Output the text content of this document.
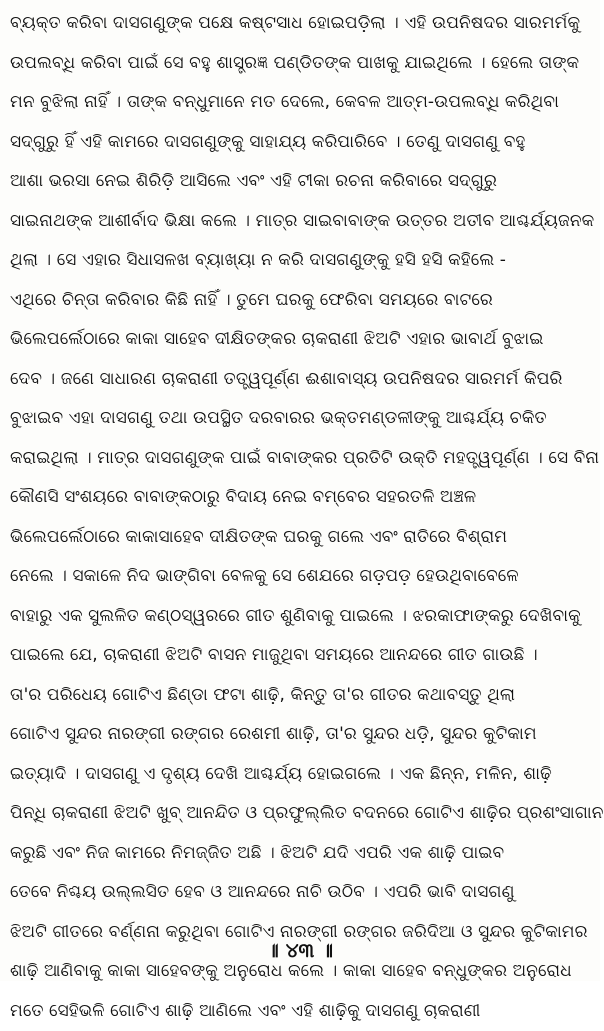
ବ୍ୟକ୍ତ କରିବା ଦାସଗଣୁଙ୍କ ପକ୍ଷେ କଷ୍ଟସାଧ ହୋଇପଡ଼ିଲା । ଏହି ଉପନିଷଦର ସାରମର୍ମକୁ
ଉପଲବ୍ଧି କରିବା ପାଇଁ ସେ ବହୁ ଶାସ୍ତ୍ରଜ୍ଞ ପଣ୍ଡିତଙ୍କ ପାଖକୁ ଯାଇଥିଲେ । ହେଲେ ତାଙ୍କ
ମନ ବୁଝିଲା ନାହିଁ । ତାଙ୍କ ବନ୍ଧୁମାନେ ମତ ଦେଲେ, କେବଳ ଆତ୍ମ-ଉପଲବ୍ଧି କରିଥିବା
ସଦ୍‌ଗୁରୁ ହିଁ ଏହି କାମରେ ଦାସଗଣୁଙ୍କୁ ସାହାଯ୍ୟ କରିପାରିବେ । ତେଣୁ ଦାସଗଣୁ ବହୁ
ଆଶା ଭରସା ନେଇ ଶିରିଡ଼ି ଆସିଲେ ଏବଂ ଏହି ଟୀକା ରଚନା କରିବାରେ ସଦ୍‌ଗୁରୁ
ସାଇନାଥଙ୍କ ଆଶୀର୍ବାଦ ଭିକ୍ଷା କଲେ । ମାତ୍ର ସାଇବାବାଙ୍କ ଉତ୍ତର ଅତୀବ ଆଶ୍ଚର୍ଯ୍ୟଜନକ
ଥିଲା । ସେ ଏହାର ସିଧାସଳଖ ବ୍ୟାଖ୍ୟା ନ କରି ଦାସଗଣୁଙ୍କୁ ହସି ହସି କହିଲେ -
ଏଥିରେ ଚିନ୍ତା କରିବାର କିଛି ନାହିଁ । ତୁମେ ଘରକୁ ଫେରିବା ସମୟରେ ବାଟରେ
ଭିଲେପର୍ଲେଠାରେ କାକା ସାହେବ ଦୀକ୍ଷିତଙ୍କର ଚାକରାଣୀ ଝିଅଟି ଏହାର ଭାବାର୍ଥ ବୁଝାଇ
ଦେବ । ଜଣେ ସାଧାରଣ ଚାକରାଣୀ ତତ୍ତ୍ୱପୂର୍ଣ୍ଣ ଈଶାବାସ୍ୟ ଉପନିଷଦର ସାରମର୍ମ କିପରି
ବୁଝାଇବ ଏହା ଦାସଗଣୁ ତଥା ଉପସ୍ଥିତ ଦରବାରର ଭକ୍ତମଣ୍ଡଳୀଙ୍କୁ ଆଶ୍ଚର୍ଯ୍ୟ ଚକିତ
କରାଇଥିଲା । ମାତ୍ର ଦାସଗଣୁଙ୍କ ପାଇଁ ବାବାଙ୍କର ପ୍ରତିଟି ଉକ୍ତି ମହତ୍ତ୍ୱପୂର୍ଣ୍ଣ । ସେ ବିନା
କୌଣସି ସଂଶୟରେ ବାବାଙ୍କଠାରୁ ବିଦାୟ ନେଇ ବମ୍ବେର ସହରତଳି ଅଞ୍ଚଳ
ଭିଲେପର୍ଲେଠାରେ କାକାସାହେବ ଦୀକ୍ଷିତଙ୍କ ଘରକୁ ଗଲେ ଏବଂ ରାତିରେ ବିଶ୍ରାମ
ନେଲେ । ସକାଳେ ନିଦ ଭାଙ୍ଗିବା ବେଳକୁ ସେ ଶେଯରେ ଗଡ଼ପଡ଼ ହେଉଥିବାବେଳେ
ବାହାରୁ ଏକ ସୁଲଳିତ କଣ୍ଠସ୍ୱରରେ ଗୀତ ଶୁଣିବାକୁ ପାଇଲେ । ଝରକାଫାଙ୍କରୁ ଦେଖିବାକୁ
ପାଇଲେ ଯେ, ଚାକରାଣୀ ଝିଅଟି ବାସନ ମାଜୁଥିବା ସମୟରେ ଆନନ୍ଦରେ ଗୀତ ଗାଉଛି ।
ତା'ର ପରିଧେୟ ଗୋଟିଏ ଛିଣ୍ଡା ଫଟା ଶାଢ଼ି, କିନ୍ତୁ ତା'ର ଗୀତର କଥାବସ୍ତୁ ଥିଲା
ଗୋଟିଏ ସୁନ୍ଦର ନାରଙ୍ଗୀ ରଙ୍ଗର ରେଶମୀ ଶାଢ଼ି, ତା'ର ସୁନ୍ଦର ଧଡ଼ି, ସୁନ୍ଦର କୁଟିକାମ
ଇତ୍ୟାଦି । ଦାସଗଣୁ ଏ ଦୃଶ୍ୟ ଦେଖି ଆଶ୍ଚର୍ଯ୍ୟ ହୋଇଗଲେ । ଏକ ଛିନ୍ନ, ମଳିନ, ଶାଢ଼ି
ପିନ୍ଧି ଚାକରାଣୀ ଝିଅଟି ଖୁବ୍ ଆନନ୍ଦିତ ଓ ପ୍ରଫୁଲ୍ଲିତ ବଦନରେ ଗୋଟିଏ ଶାଢ଼ିର ପ୍ରଶଂସାଗାନ
କରୁଛି ଏବଂ ନିଜ କାମରେ ନିମଜ୍ଜିତ ଅଛି । ଝିଅଟି ଯଦି ଏପରି ଏକ ଶାଢ଼ି ପାଇବ
ତେବେ ନିଶ୍ଚୟ ଉଲ୍ଲସିତ ହେବ ଓ ଆନନ୍ଦରେ ନାଚି ଉଠିବ । ଏପରି ଭାବି ଦାସଗଣୁ
ଝିଅଟି ଗୀତରେ ବର୍ଣ୍ଣନା କରୁଥିବା ଗୋଟିଏ ନାରଙ୍ଗୀ ରଙ୍ଗର ଜରିଦିଆ ଓ ସୁନ୍ଦର କୁଟିକାମର
ଶାଢ଼ି ଆଣିବାକୁ କାକା ସାହେବଙ୍କୁ ଅନୁରୋଧ କଲେ । କାକା ସାହେବ ବନ୍ଧୁଙ୍କର ଅନୁରୋଧ
ମତେ ସେହିଭଳି ଗୋଟିଏ ଶାଢ଼ି ଆଣିଲେ ଏବଂ ଏହି ଶାଢ଼ିକୁ ଦାସଗଣୁ ଚାକରାଣୀ
॥ ୪୩ ॥
